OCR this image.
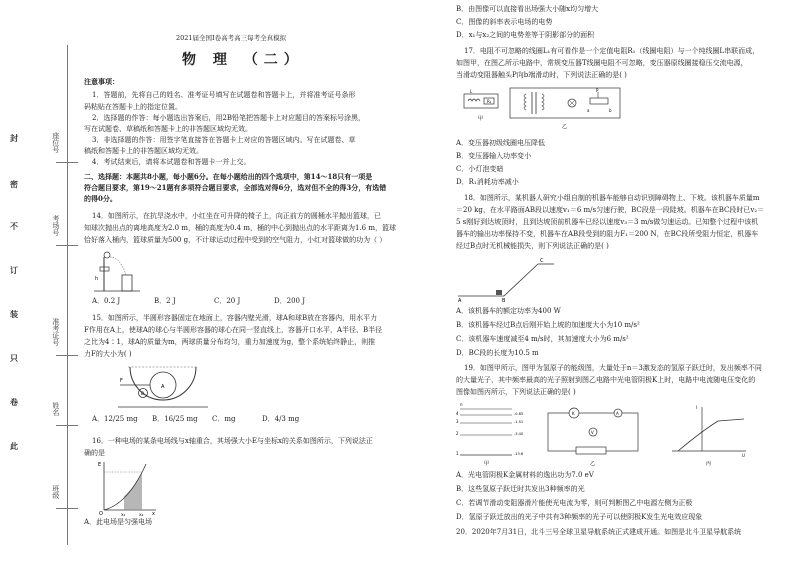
封
密
不
订
装
只
卷
此
座位号
考场号
准考证号
姓名
班级

2021届全国Ⅰ卷高考高三每考全真模拟

物 理 （二）

注意事项：

1．答题前，先将自己的姓名、准考证号填写在试题卷和答题卡上，并将准考证号条形

码粘贴在答题卡上的指定位置。

2．选择题的作答：每小题选出答案后，用2B铅笔把答题卡上对应题目的答案标号涂黑，

写在试题卷、草稿纸和答题卡上的非答题区域均无效。

3．非选择题的作答：用签字笔直接答在答题卡上对应的答题区域内。写在试题卷、草

稿纸和答题卡上的非答题区域均无效。

4．考试结束后，请将本试题卷和答题卡一并上交。

二、选择题：本题共8小题，每小题6分。在每小题给出的四个选项中，第14～18只有一项是

符合题目要求，第19～21题有多项符合题目要求，全部选对得6分，选对但不全的得3分，有选错

的得0分。

14．如图所示，在抗旱浇水中，小红坐在可升降的椅子上，向正前方的圆桶水平抛出篮球，已

知球次抛出点的离地高度为2.0 m，桶的高度为0.4 m，桶的中心到抛出点的水平距离为1.6 m，篮球

恰好落入桶内，篮球质量为500 g，不计球运动过程中受到的空气阻力，小红对篮球做的功为（ ）

h

A．0.2 J	B．2 J	C．20 J	D．200 J

15．如图所示，半圆形容器固定在地面上，容器内壁光滑，球A和球B放在容器内，用水平力

F作用在A上，使球A的球心与半圆形容器的球心在同一竖直线上，容器开口水平，A半径、B半径

之比为4∶1，球A的质量为m，两球质量分布均匀，重力加速度为g，整个系统始终静止，则推

力F的大小为( )

F
A
B

A．12/25 mg B．16/25 mg C．mg	D．4/3 mg

16．一种电场的某条电场线与x轴重合，其场强大小E与坐标x的关系如图所示，下列说法正

确的是

E
O	x₁	x₂ x

A．此电场是匀强电场

B．由图像可以直接看出场强大小随x均匀增大

C．图像的斜率表示电场的电势

D．x₁与x₂之间的电势差等于阴影部分的面积

17．电阻不可忽略的线圈L₁有可看作是一个定值电阻R₁（线圈电阻）与一个纯线圈L串联而成，

如图甲，在图乙所示电路中，常规变压器T线圈电阻不可忽略，变压器原线圈接稳压交流电源，

当滑动变阻器触头P向b端滑动时，下列说法正确的是( )

R₁
L
甲
P
a	b
乙

A．变压器初级线圈电压降低

B．变压器输入功率变小

C．小灯泡变暗

D．R₁消耗功率减小

18．如图所示，某机器人研究小组自制的机器车能够自动识别障碍物上、下坡。该机器车质量m

＝20 kg，在水平路面AB段以速度v₁＝6 m/s匀速行驶，BC段是一段陡坡。机器车在BC段时已v₂＝

5 s刚好到达坡顶时，且到达坡顶前机器车已经以速度v₃＝3 m/s做匀速运动。已知整个过程中该机

器车的输出功率保持不变，机器车在AB段受到的阻力F₁＝200 N，在BC段所受阻力恒定，机器车

经过B点时无机械能损失，则下列说法正确的是( )

A	B
C

A．该机器车的额定功率为400 W

B．该机器车经过B点后刚开始上坡的加速度大小为10 m/s²

C．该机器车速度减至4 m/s时，其加速度大小为6 m/s²

D．BC段的长度为10.5 m

19．如图甲所示，图甲为氢原子的能级图，大量处于n＝3激发态的氢原子跃迁时，发出频率不同

的大量光子，其中频率最高的光子照射到图乙电路中光电管阴极K上时，电路中电流随电压变化的

图像如图丙所示，下列说法正确的是( )

n
4
3
2
1
-0.85
-1.51
-3.40
-13.6
甲
K
V
A
乙
I
U
丙

A．光电管阴极K金属材料的逸出功为7.0 eV

B．这些氢原子跃迁时共发出3种频率的光

C．若调节滑动变阻器滑片能使光电流为零，则可判断图乙中电源左侧为正极

D．氢原子跃迁放出的光子中共有3种频率的光子可以使阴极K发生光电效应现象

20．2020年7月31日，北斗三号全球卫星导航系统正式建成开通。如图是北斗卫星导航系统
